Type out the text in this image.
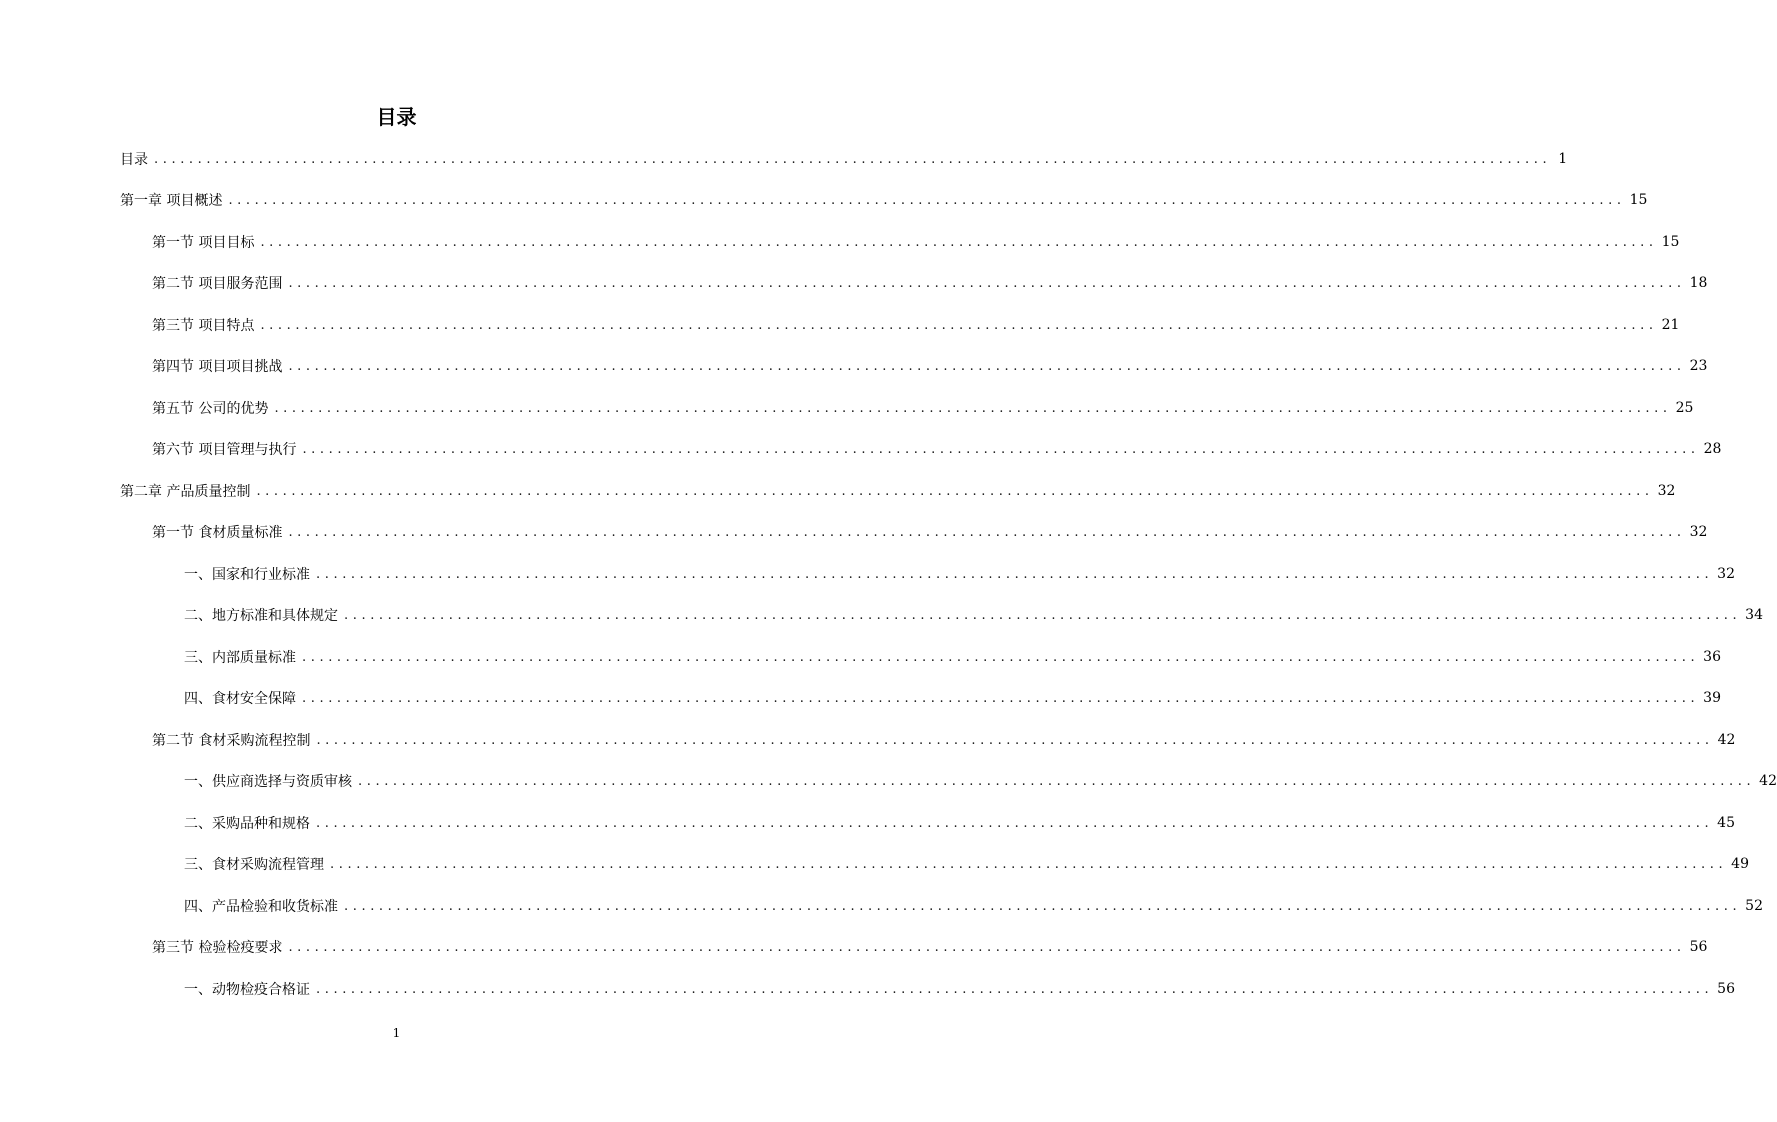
目录
目录 ................................................................................................................................................................ 1
第一章 项目概述 ................................................................................................................................................................ 15
第一节 项目目标 ................................................................................................................................................................ 15
第二节 项目服务范围 ................................................................................................................................................................ 18
第三节 项目特点 ................................................................................................................................................................ 21
第四节 项目项目挑战 ................................................................................................................................................................ 23
第五节 公司的优势 ................................................................................................................................................................ 25
第六节 项目管理与执行 ................................................................................................................................................................ 28
第二章 产品质量控制 ................................................................................................................................................................ 32
第一节 食材质量标准 ................................................................................................................................................................ 32
一、 国家和行业标准 ................................................................................................................................................................ 32
二、 地方标准和具体规定 ................................................................................................................................................................ 34
三、 内部质量标准 ................................................................................................................................................................ 36
四、 食材安全保障 ................................................................................................................................................................ 39
第二节 食材采购流程控制 ................................................................................................................................................................ 42
一、 供应商选择与资质审核 ................................................................................................................................................................ 42
二、 采购品种和规格 ................................................................................................................................................................ 45
三、 食材采购流程管理 ................................................................................................................................................................ 49
四、 产品检验和收货标准 ................................................................................................................................................................ 52
第三节 检验检疫要求 ................................................................................................................................................................ 56
一、 动物检疫合格证 ................................................................................................................................................................ 56
1
